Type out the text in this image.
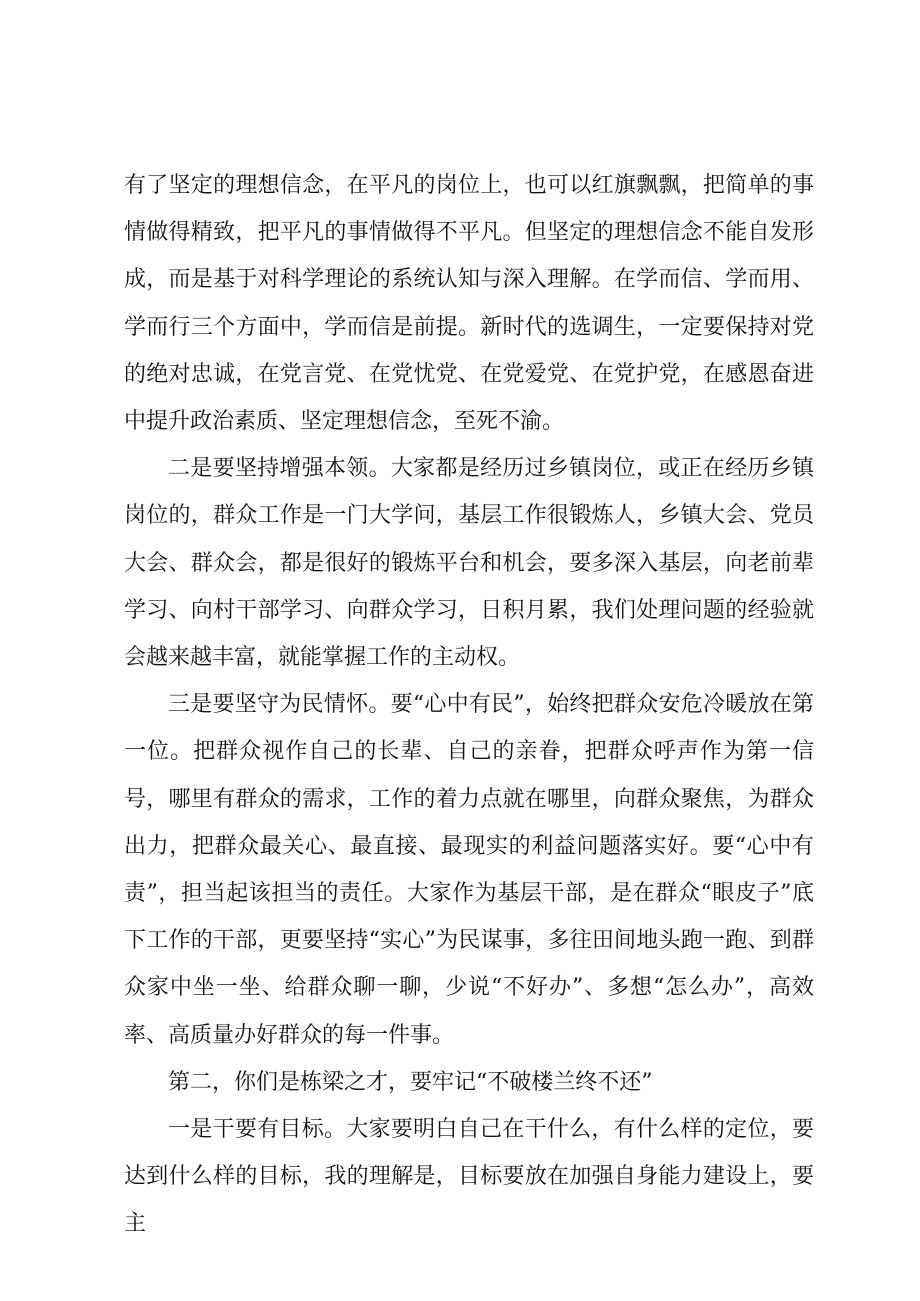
有了坚定的理想信念，在平凡的岗位上，也可以红旗飘飘，把简单的事情做得精致，把平凡的事情做得不平凡。但坚定的理想信念不能自发形成，而是基于对科学理论的系统认知与深入理解。在学而信、学而用、学而行三个方面中，学而信是前提。新时代的选调生，一定要保持对党的绝对忠诚，在党言党、在党忧党、在党爱党、在党护党，在感恩奋进中提升政治素质、坚定理想信念，至死不渝。

二是要坚持增强本领。大家都是经历过乡镇岗位，或正在经历乡镇岗位的，群众工作是一门大学问，基层工作很锻炼人，乡镇大会、党员大会、群众会，都是很好的锻炼平台和机会，要多深入基层，向老前辈学习、向村干部学习、向群众学习，日积月累，我们处理问题的经验就会越来越丰富，就能掌握工作的主动权。

三是要坚守为民情怀。要“心中有民”，始终把群众安危冷暖放在第一位。把群众视作自己的长辈、自己的亲眷，把群众呼声作为第一信号，哪里有群众的需求，工作的着力点就在哪里，向群众聚焦，为群众出力，把群众最关心、最直接、最现实的利益问题落实好。要“心中有责”，担当起该担当的责任。大家作为基层干部，是在群众“眼皮子”底下工作的干部，更要坚持“实心”为民谋事，多往田间地头跑一跑、到群众家中坐一坐、给群众聊一聊，少说“不好办”、多想“怎么办”，高效率、高质量办好群众的每一件事。

第二，你们是栋梁之才，要牢记“不破楼兰终不还”

一是干要有目标。大家要明白自己在干什么，有什么样的定位，要达到什么样的目标，我的理解是，目标要放在加强自身能力建设上，要主
